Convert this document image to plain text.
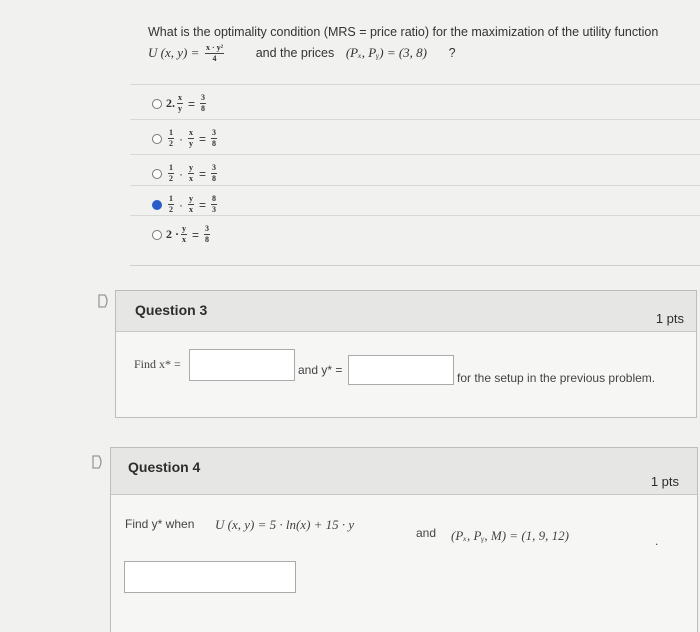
What is the optimality condition (MRS = price ratio) for the maximization of the utility function
U (x, $y) = \frac{\text{x · y²}}{4}$	and the prices (Pₓ, Pᵧ) = (3, 8) ?
2. $\frac{x}{y} = \frac{3}{8}$
$\frac{1}{2} \cdot \frac{x}{y} = \frac{3}{8}$
$\frac{1}{2} \cdot \frac{y}{x} = \frac{3}{8}$
$\frac{1}{2} \cdot \frac{y}{x} = \frac{8}{3}$
$2 \cdot \frac{y}{x} = \frac{3}{8}$
Question 3
1 pts
Find x* =	and y* =
for the setup in the previous problem.
Question 4
1 pts
Find y* when U (x, y) = 5 · ln(x) + 15 · y
and (Pₓ, Pᵧ, M) = (1, 9, 12)	.
